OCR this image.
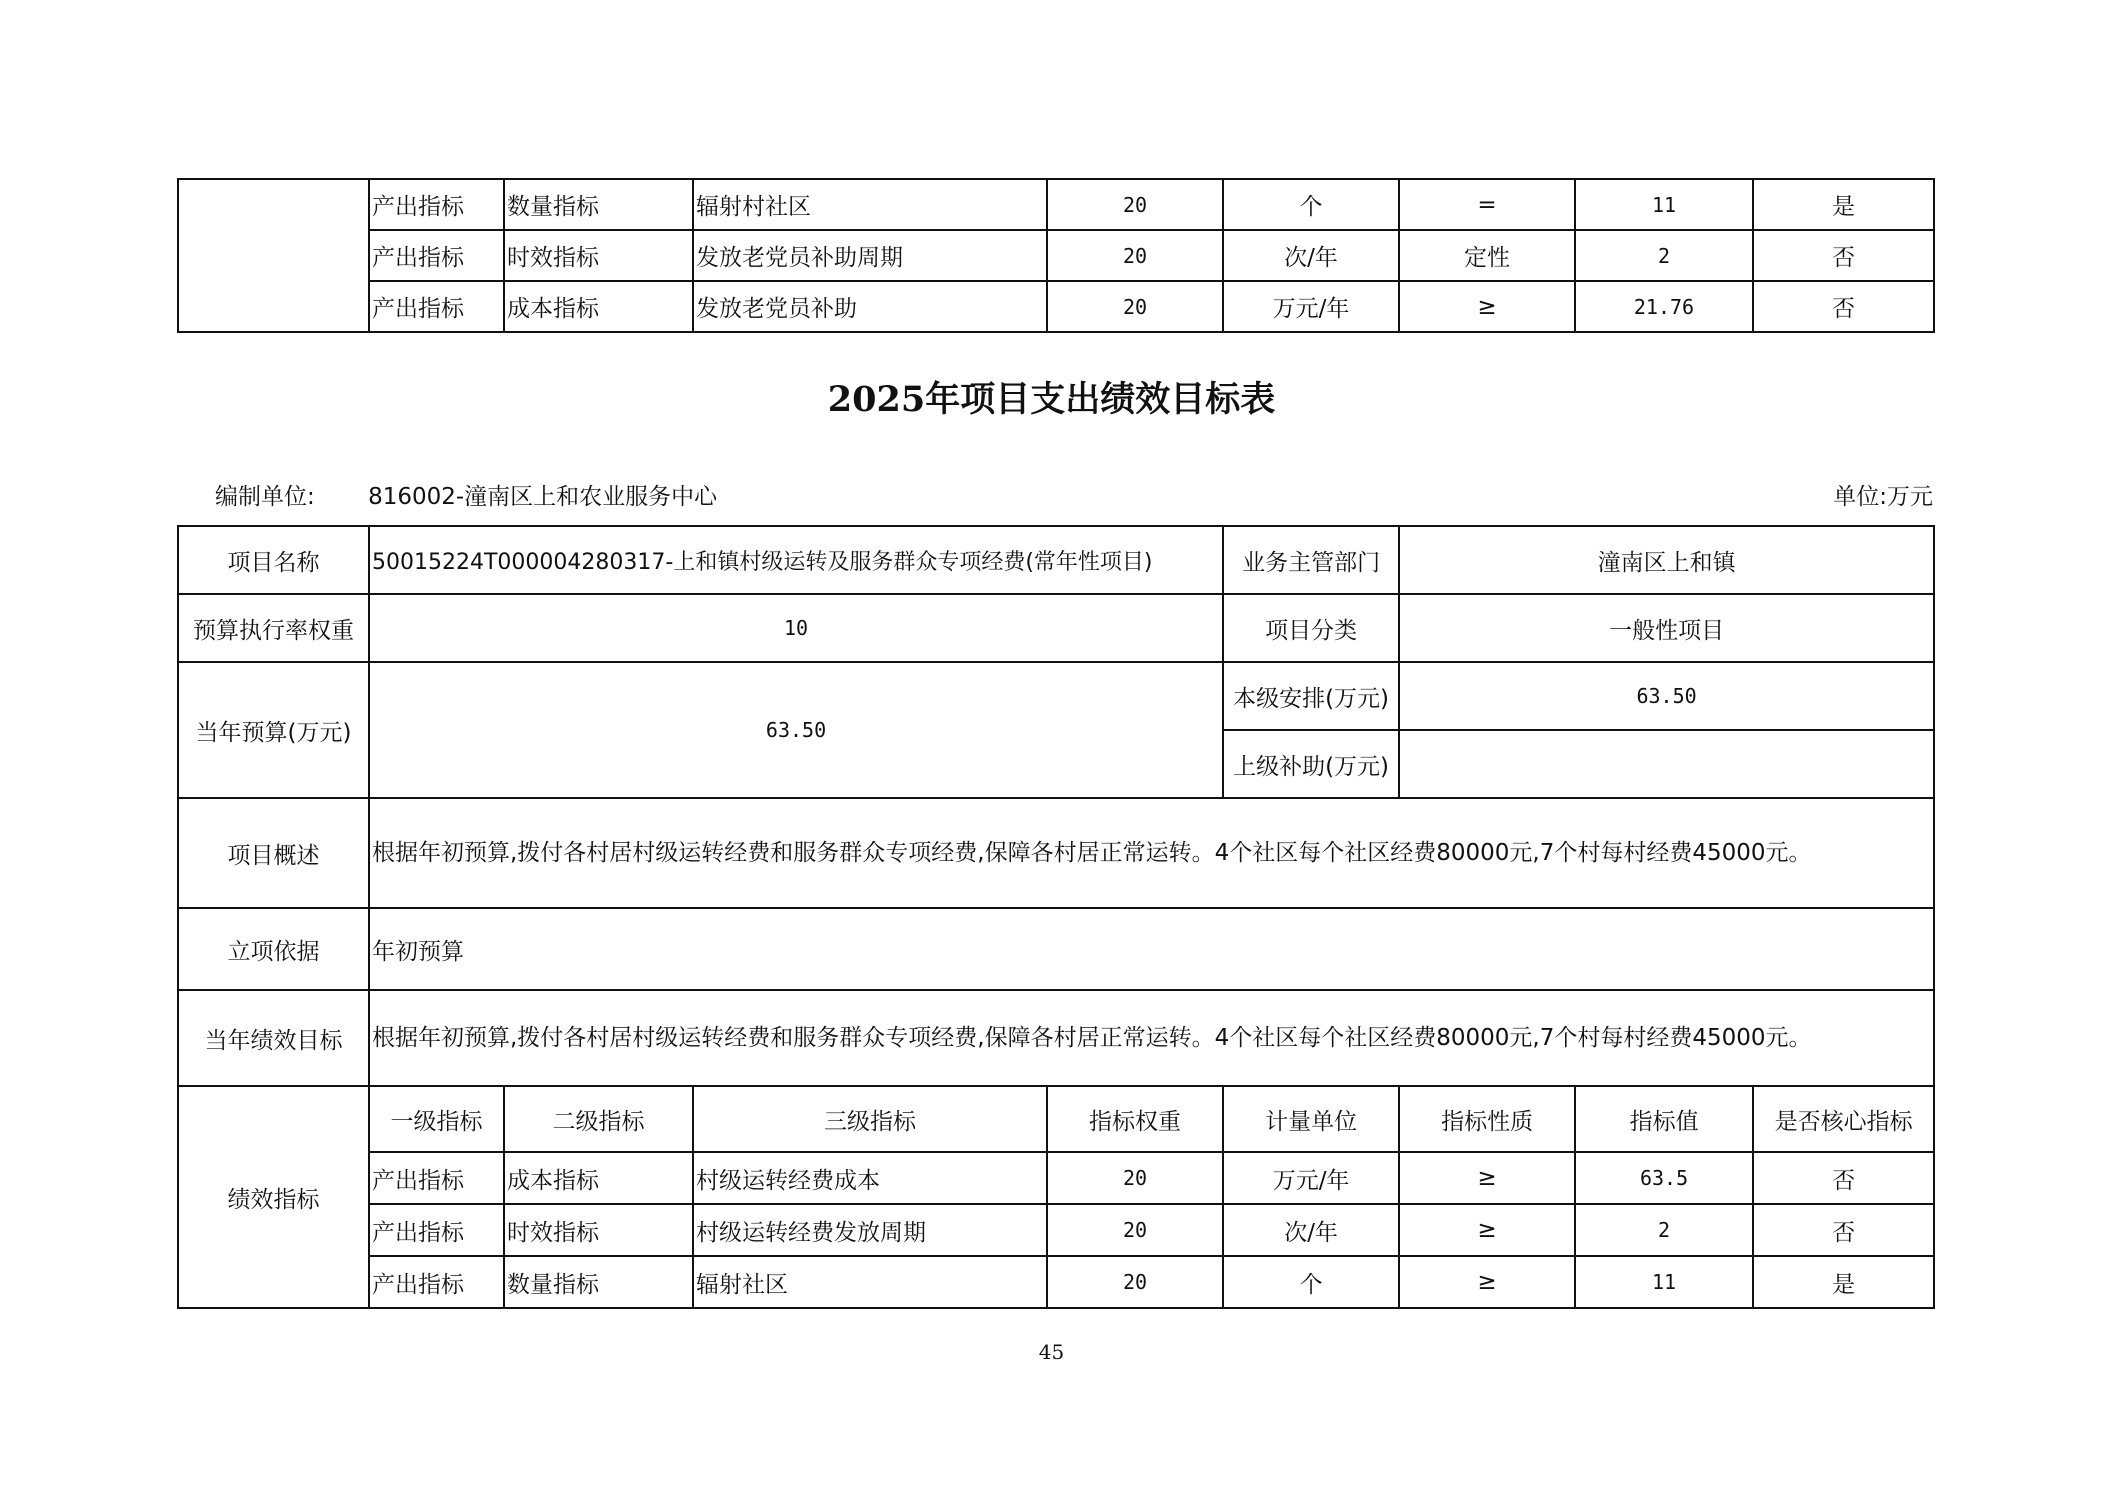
	产出指标	数量指标	辐射村社区	20	个	=	11	是
	产出指标	时效指标	发放老党员补助周期	20	次/年	定性	2	否
	产出指标	成本指标	发放老党员补助	20	万元/年	≥	21.76	否
2025年项目支出绩效目标表
编制单位: 816002-潼南区上和农业服务中心	单位:万元
项目名称	50015224T000004280317-上和镇村级运转及服务群众专项经费(常年性项目)				业务主管部门	潼南区上和镇		
预算执行率权重	10				项目分类	一般性项目		
当年预算(万元)	63.50				本级安排(万元)	63.50		
					上级补助(万元)			
项目概述	根据年初预算,拨付各村居村级运转经费和服务群众专项经费,保障各村居正常运转。4个社区每个社区经费80000元,7个村每村经费45000元。							
立项依据	年初预算							
当年绩效目标	根据年初预算,拨付各村居村级运转经费和服务群众专项经费,保障各村居正常运转。4个社区每个社区经费80000元,7个村每村经费45000元。							
绩效指标	一级指标	二级指标	三级指标	指标权重	计量单位	指标性质	指标值	是否核心指标
	产出指标	成本指标	村级运转经费成本	20	万元/年	≥	63.5	否
	产出指标	时效指标	村级运转经费发放周期	20	次/年	≥	2	否
	产出指标	数量指标	辐射社区	20	个	≥	11	是
45
